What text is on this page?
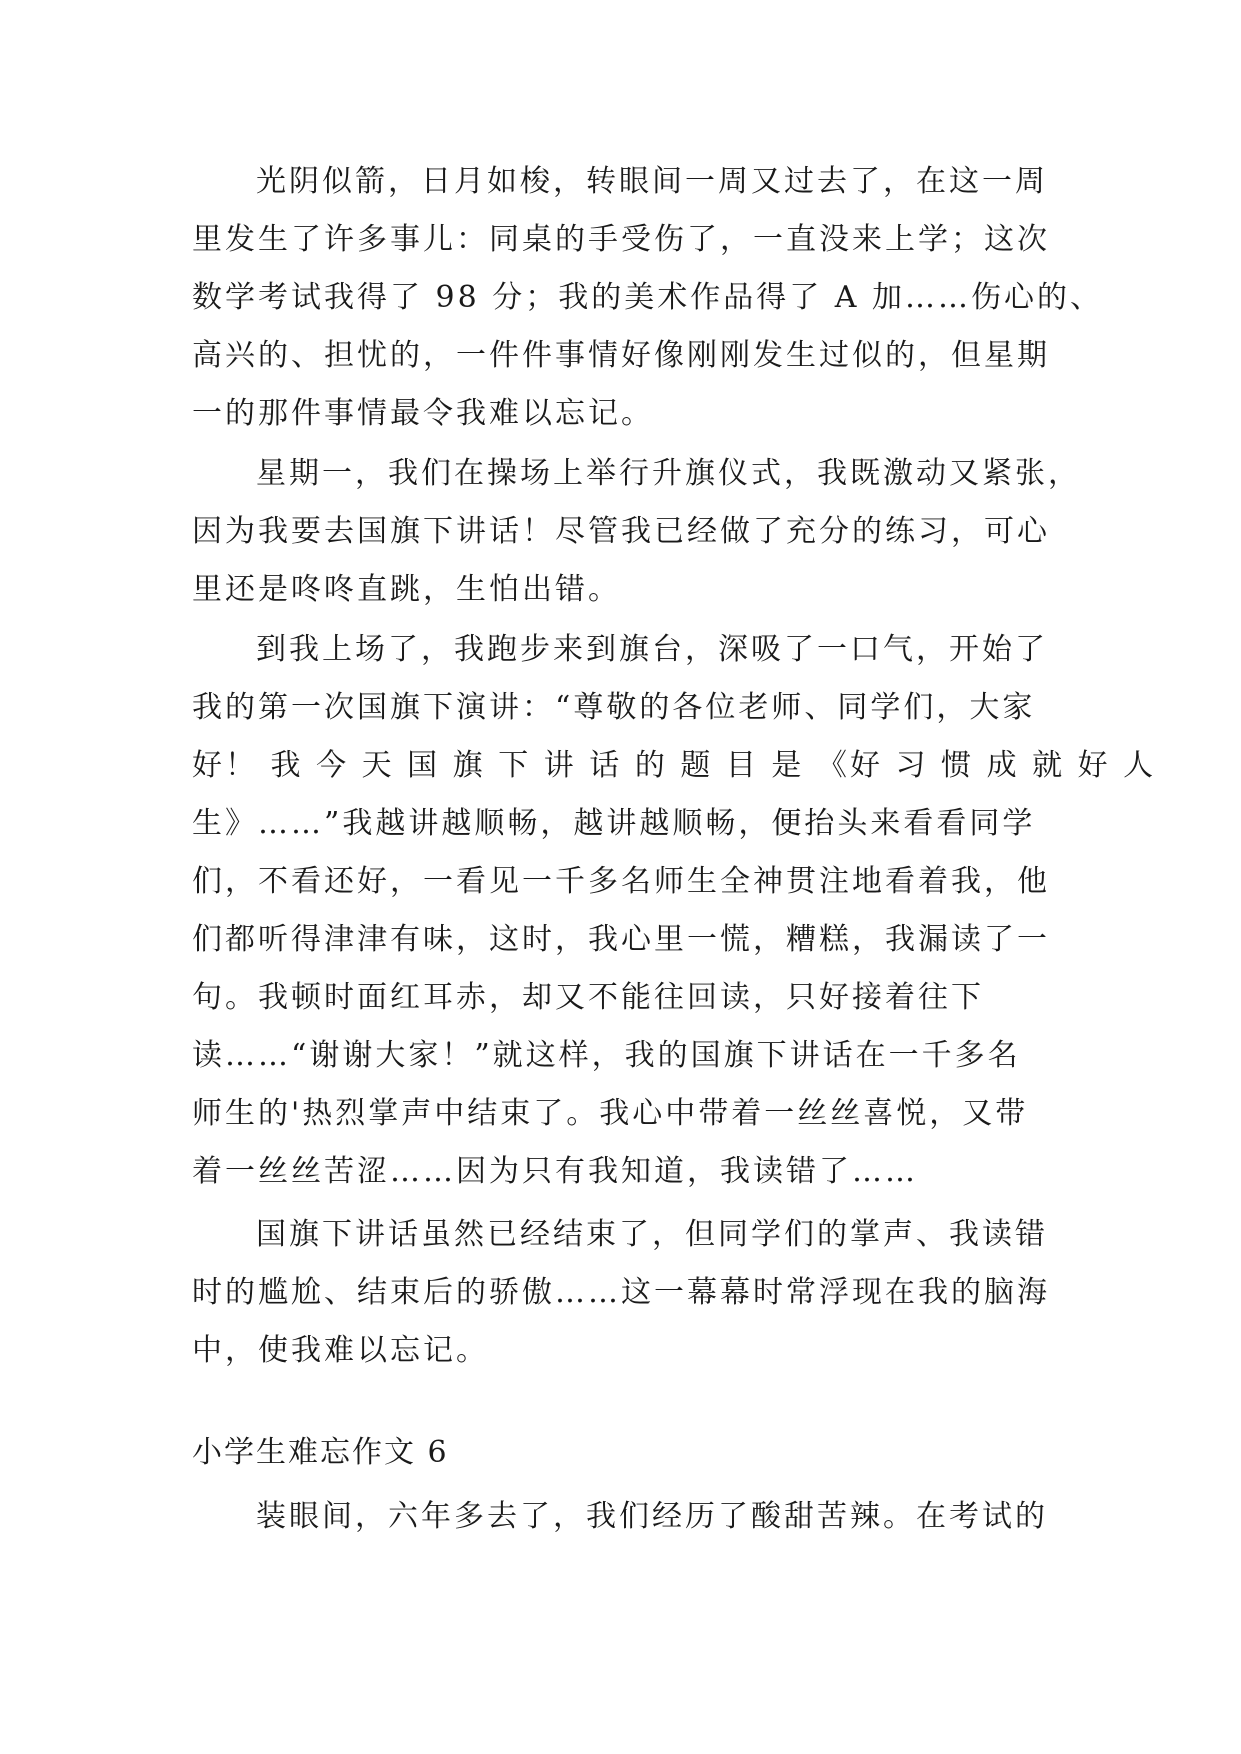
光阴似箭，日月如梭，转眼间一周又过去了，在这一周
里发生了许多事儿：同桌的手受伤了，一直没来上学；这次
数学考试我得了 98 分；我的美术作品得了 A 加……伤心的、
高兴的、担忧的，一件件事情好像刚刚发生过似的，但星期
一的那件事情最令我难以忘记。
星期一，我们在操场上举行升旗仪式，我既激动又紧张，
因为我要去国旗下讲话！尽管我已经做了充分的练习，可心
里还是咚咚直跳，生怕出错。
到我上场了，我跑步来到旗台，深吸了一口气，开始了
我的第一次国旗下演讲：“尊敬的各位老师、同学们，大家
好！ 我 今 天 国 旗 下 讲 话 的 题 目 是 《好 习 惯 成 就 好 人
生》……”我越讲越顺畅，越讲越顺畅，便抬头来看看同学
们，不看还好，一看见一千多名师生全神贯注地看着我，他
们都听得津津有味，这时，我心里一慌，糟糕，我漏读了一
句。我顿时面红耳赤，却又不能往回读，只好接着往下
读……“谢谢大家！”就这样，我的国旗下讲话在一千多名
师生的'热烈掌声中结束了。我心中带着一丝丝喜悦，又带
着一丝丝苦涩……因为只有我知道，我读错了……
国旗下讲话虽然已经结束了，但同学们的掌声、我读错
时的尴尬、结束后的骄傲……这一幕幕时常浮现在我的脑海
中，使我难以忘记。
小学生难忘作文 6
装眼间，六年多去了，我们经历了酸甜苦辣。在考试的
